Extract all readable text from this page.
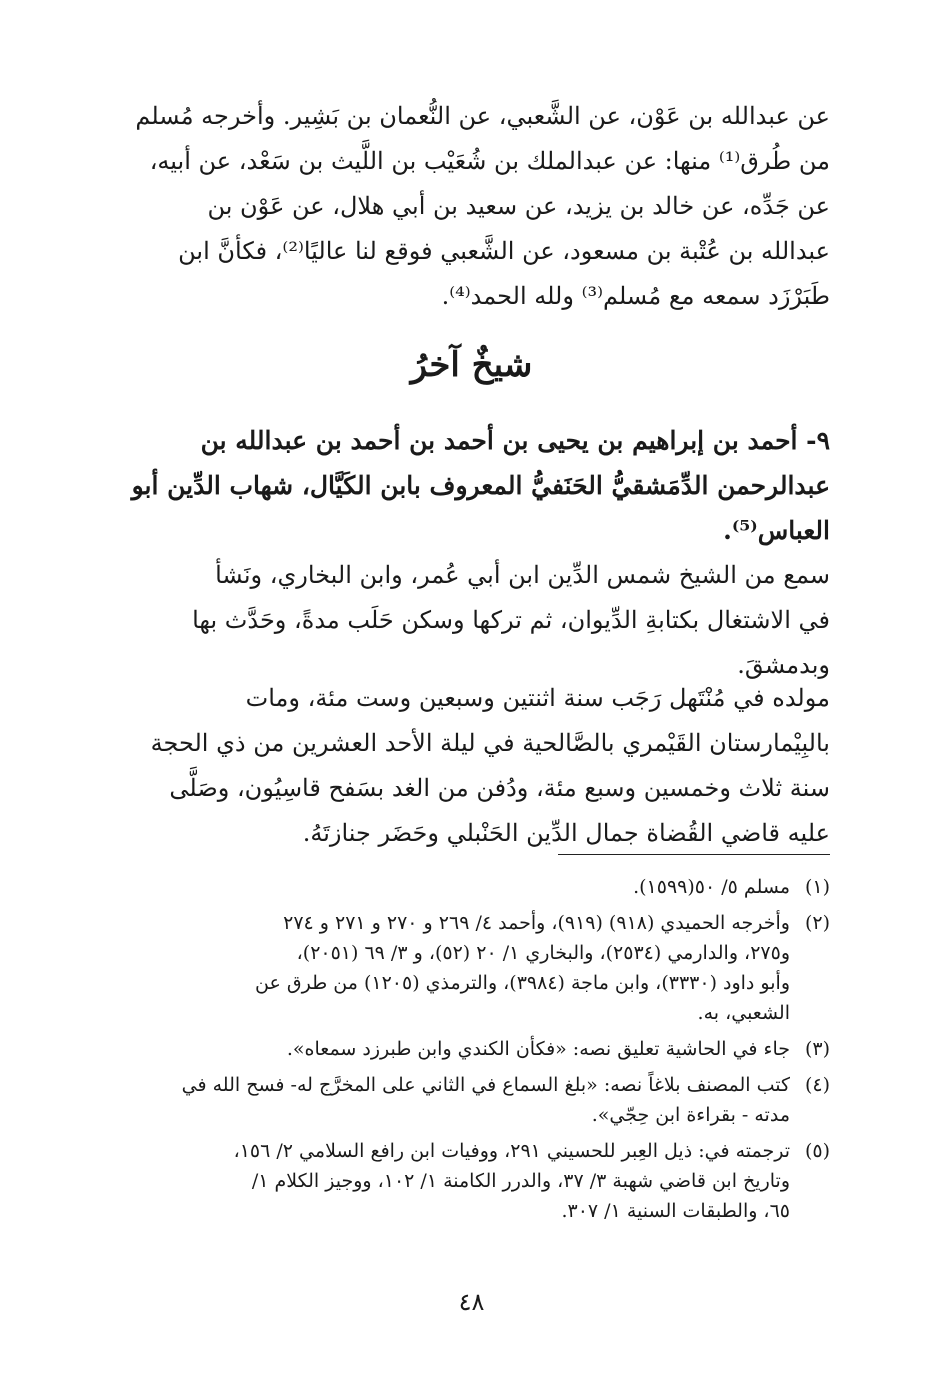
عن عبدالله بن عَوْن، عن الشَّعبي، عن النُّعمان بن بَشِير. وأخرجه مُسلم
من طُرق⁽¹⁾ منها: عن عبدالملك بن شُعَيْب بن اللَّيث بن سَعْد، عن أبيه،
عن جَدِّه، عن خالد بن يزيد، عن سعيد بن أبي هلال، عن عَوْن بن
عبدالله بن عُتْبة بن مسعود، عن الشَّعبي فوقع لنا عاليًا⁽²⁾، فكأنَّ ابن
طَبَرْزَد سمعه مع مُسلم⁽³⁾ ولله الحمد⁽⁴⁾.
شيخٌ آخرُ
٩- أحمد بن إبراهيم بن يحيى بن أحمد بن أحمد بن عبدالله بن
عبدالرحمن الدِّمَشقيُّ الحَنَفيُّ المعروف بابن الكَيَّال، شهاب الدِّين أبو
العباس⁽⁵⁾.
سمع من الشيخ شمس الدِّين ابن أبي عُمر، وابن البخاري، ونَشأ
في الاشتغال بكتابةِ الدِّيوان، ثم تركها وسكن حَلَب مدةً، وحَدَّث بها
وبدمشقَ.
مولده في مُنْتَهل رَجَب سنة اثنتين وسبعين وست مئة، ومات
بالبِيْمارستان القَيْمري بالصَّالحية في ليلة الأحد العشرين من ذي الحجة
سنة ثلاث وخمسين وسبع مئة، ودُفن من الغد بسَفح قاسِيُون، وصَلَّى
عليه قاضي القُضاة جمال الدِّين الحَنْبلي وحَضَر جنازتَهُ.
(١)
مسلم ٥/ ٥٠(١٥٩٩).
(٢)
وأخرجه الحميدي (٩١٨) (٩١٩)، وأحمد ٤/ ٢٦٩ و ٢٧٠ و ٢٧١ و ٢٧٤
و٢٧٥، والدارمي (٢٥٣٤)، والبخاري ١/ ٢٠ (٥٢)، و ٣/ ٦٩ (٢٠٥١)،
وأبو داود (٣٣٣٠)، وابن ماجة (٣٩٨٤)، والترمذي (١٢٠٥) من طرق عن
الشعبي، به.
(٣)
جاء في الحاشية تعليق نصه: «فكأن الكندي وابن طبرزد سمعاه».
(٤)
كتب المصنف بلاغاً نصه: «بلغ السماع في الثاني على المخرَّج له- فسح الله في
مدته - بقراءة ابن حِجّي».
(٥)
ترجمته في: ذيل العِبر للحسيني ٢٩١، ووفيات ابن رافع السلامي ٢/ ١٥٦،
وتاريخ ابن قاضي شهبة ٣/ ٣٧، والدرر الكامنة ١/ ١٠٢، ووجيز الكلام ١/
٦٥، والطبقات السنية ١/ ٣٠٧.
٤٨
